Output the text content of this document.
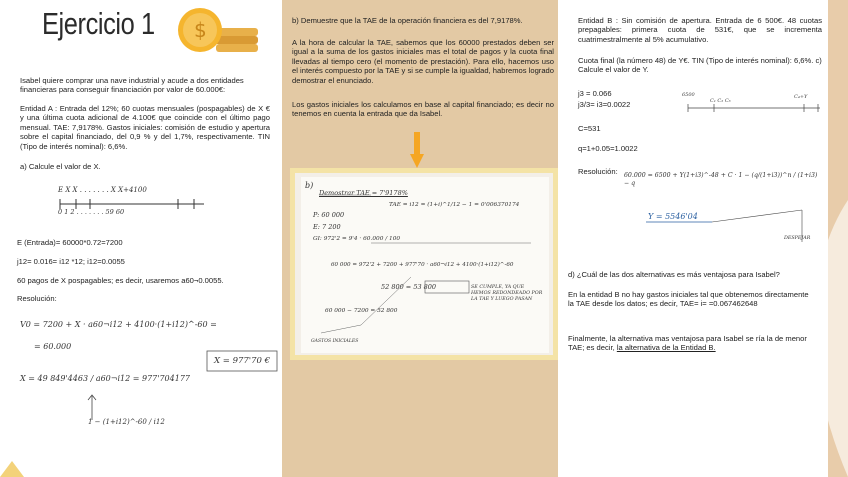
Ejercicio 1 $
Isabel quiere comprar una nave industrial y acude a dos entidades financieras para conseguir financiación por valor de 60.000€:
Entidad A : Entrada del 12%; 60 cuotas mensuales (pospagables) de X € y una última cuota adicional de 4.100€ que coincide con el último pago mensual. TAE: 7,9178%. Gastos iniciales: comisión de estudio y apertura sobre el capital financiado, del 0,9 % y del 1,7%, respectivamente. TIN (Tipo de interés nominal): 6,6%.
a) Calcule el valor de X.
E X X . . . . . . . X X+4100
0 1 2 . . . . . . . 59 60
E (Entrada)= 60000*0.72=7200
j12= 0.016= i12 *12; i12=0.0055
60 pagos de X pospagables; es decir, usaremos a60¬0.0055.
Resolución:
V0 = 7200 + X · a60¬i12 + 4100·(1+i12)^-60 =
= 60.000
X = 49 849'4463 / a60¬i12 = 977'704177
X = 977'70 €
1 − (1+i12)^-60 / i12
b) Demuestre que la TAE de la operación financiera es del 7,9178%.
A la hora de calcular la TAE, sabemos que los 60000 prestados deben ser igual a la suma de los gastos iniciales mas el total de pagos y la cuota final llevadas al tiempo cero (el momento de prestación). Para ello, hacemos uso el interés compuesto por la TAE y si se cumple la igualdad, habremos logrado demostrar el enunciado.
Los gastos iniciales los calculamos en base al capital financiado; es decir no tenemos en cuenta la entrada que da Isabel.
b)
Demostrar TAE = 7'9178%
TAE = i12 = (1+i)^1/12 − 1 = 0'006370174
P: 60 000
E: 7 200
GI: 972'2 = 9'4 · 60.000 / 100
60 000 = 972'2 + 7200 + 977'70 · a60¬i12 + 4100·(1+i12)^-60
52 800 = 53 800	SE CUMPLE, YA QUE HEMOS REDONDEADO POR LA TAE Y LUEGO PASAN
60 000 − 7200 = 52 800
GASTOS INICIALES
Entidad B : Sin comisión de apertura. Entrada de 6 500€. 48 cuotas prepagables: primera cuota de 531€, que se incrementa cuatrimestralmente al 5% acumulativo.
Cuota final (la número 48) de Y€. TIN (Tipo de interés nominal): 6,6%. c) Calcule el valor de Y.
j3 = 0.066
j3/3= i3=0.0022
6500
C₁ C₂ C₃
C₄+Y
C=531
q=1+0.05=1.0022
Resolución:	60.000 = 6500 + Y(1+i3)^-48 + C · 1 − (q/(1+i3))^n / (1+i3) − q
Y = 5546'04
DESPEJAR
d) ¿Cuál de las dos alternativas es más ventajosa para Isabel?
En la entidad B no hay gastos iniciales tal que obtenemos directamente la TAE desde los datos; es decir, TAE= i= =0.067462648
Finalmente, la alternativa mas ventajosa para Isabel se ría la de menor TAE; es decir, la alternativa de la Entidad B.
